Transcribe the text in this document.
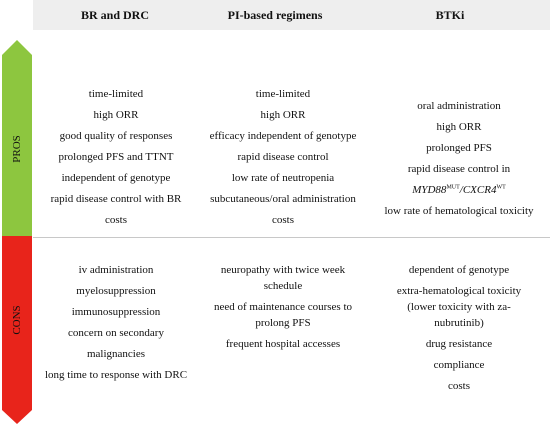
BR and DRC	PI-based regimens	BTKi
PROS
CONS

time-limited

high ORR

good quality of responses

prolonged PFS and TTNT

independent of genotype

rapid disease control with BR

costs

time-limited

high ORR

efficacy independent of genotype

rapid disease control

low rate of neutropenia

subcutaneous/oral administration

costs

oral administration

high ORR

prolonged PFS

rapid disease control in

$MYD88^{MUT}/CXCR4^{WT}$

low rate of hematological toxicity

iv administration

myelosuppression

immunosuppression

concern on secondary

malignancies

long time to response with DRC

neuropathy with twice week

schedule

need of maintenance courses to

prolong PFS

frequent hospital accesses

dependent of genotype

extra-hematological toxicity

(lower toxicity with za-

nubrutinib)

drug resistance

compliance

costs
